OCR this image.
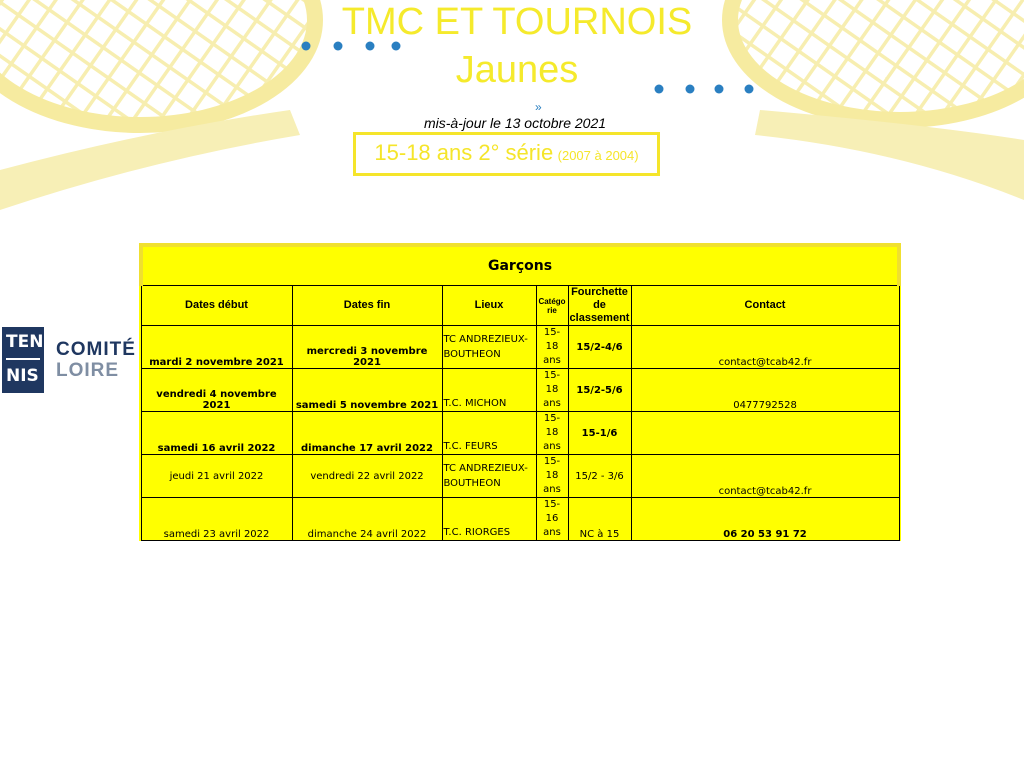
TMC ET TOURNOIS
Jaunes
»
mis-à-jour le 13 octobre 2021
15-18 ans 2° série (2007 à 2004)
TEN
NIS
COMITÉ
LOIRE
Garçons					
Dates début	Dates fin	Lieux	Catégo rie	Fourchette de classement	Contact
mardi 2 novembre 2021	mercredi 3 novembre 2021	TC ANDREZIEUX-BOUTHEON	15-18 ans	15/2-4/6	contact@tcab42.fr
vendredi 4 novembre 2021	samedi 5 novembre 2021	T.C. MICHON	15-18 ans	15/2-5/6	0477792528
samedi 16 avril 2022	dimanche 17 avril 2022	T.C. FEURS	15-18 ans	15-1/6	
jeudi 21 avril 2022	vendredi 22 avril 2022	TC ANDREZIEUX-BOUTHEON	15-18 ans	15/2 - 3/6	contact@tcab42.fr
samedi 23 avril 2022	dimanche 24 avril 2022	T.C. RIORGES	15-16 ans	NC à 15	06 20 53 91 72
